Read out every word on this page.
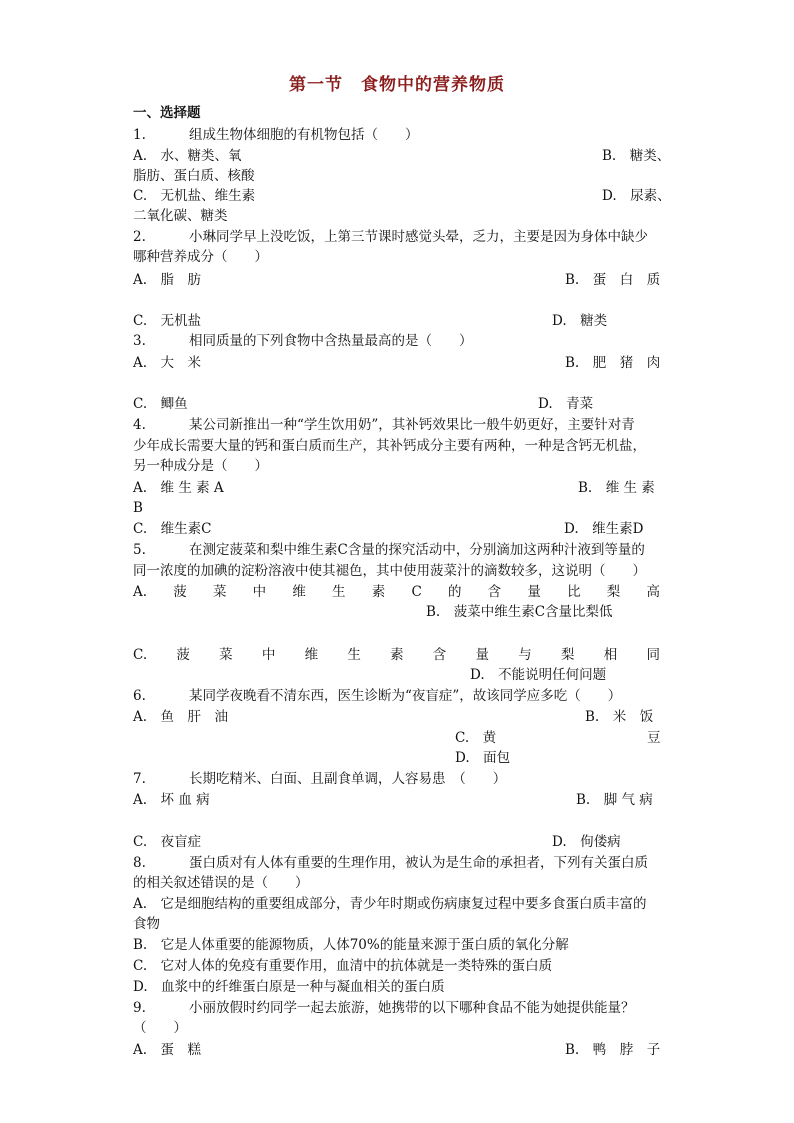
第一节　食物中的营养物质
一、选择题
1.	组成生物体细胞的有机物包括（　　）
A.　水、糖类、氧	B.　糖类、
脂肪、蛋白质、核酸
C.　无机盐、维生素	D.　尿素、
二氧化碳、糖类
2.	小琳同学早上没吃饭，上第三节课时感觉头晕，乏力，主要是因为身体中缺少
哪种营养成分（　　）
A.　脂　肪	B.　蛋　白　质
C.　无机盐	D.　糖类
3.	相同质量的下列食物中含热量最高的是（　　）
A.　大　米	B.　肥　猪　肉
C.　鲫鱼	D.　青菜
4.	某公司新推出一种“学生饮用奶”，其补钙效果比一般牛奶更好，主要针对青
少年成长需要大量的钙和蛋白质而生产，其补钙成分主要有两种，一种是含钙无机盐，
另一种成分是（　　）
A.　维 生 素 A	B.　维 生 素
B
C.　维生素C	D.　维生素D
5.	在测定菠菜和梨中维生素C含量的探究活动中，分别滴加这两种汁液到等量的
同一浓度的加碘的淀粉溶液中使其褪色，其中使用菠菜汁的滴数较多，这说明（　　）
A.　菠　菜　中　维　生　素　C　的　含　量　比　梨　高
B.　菠菜中维生素C含量比梨低
C.　菠　菜　中　维　生　素　含　量　与　梨　相　同
D.　不能说明任何问题
6.	某同学夜晚看不清东西，医生诊断为“夜盲症”，故该同学应多吃（　　）
A.　鱼　肝　油	B.　米　饭
C.　黄	豆
D.　面包
7.	长期吃精米、白面、且副食单调，人容易患　（　　）
A.　坏 血 病	B.　脚 气 病
C.　夜盲症	D.　佝偻病
8.	蛋白质对有人体有重要的生理作用，被认为是生命的承担者，下列有关蛋白质
的相关叙述错误的是（　　）
A.　它是细胞结构的重要组成部分，青少年时期或伤病康复过程中要多食蛋白质丰富的
食物
B.　它是人体重要的能源物质，人体70%的能量来源于蛋白质的氧化分解
C.　它对人体的免疫有重要作用，血清中的抗体就是一类特殊的蛋白质
D.　血浆中的纤维蛋白原是一种与凝血相关的蛋白质
9.	小丽放假时约同学一起去旅游，她携带的以下哪种食品不能为她提供能量？
（　　）
A.　蛋　糕	B.　鸭　脖　子
